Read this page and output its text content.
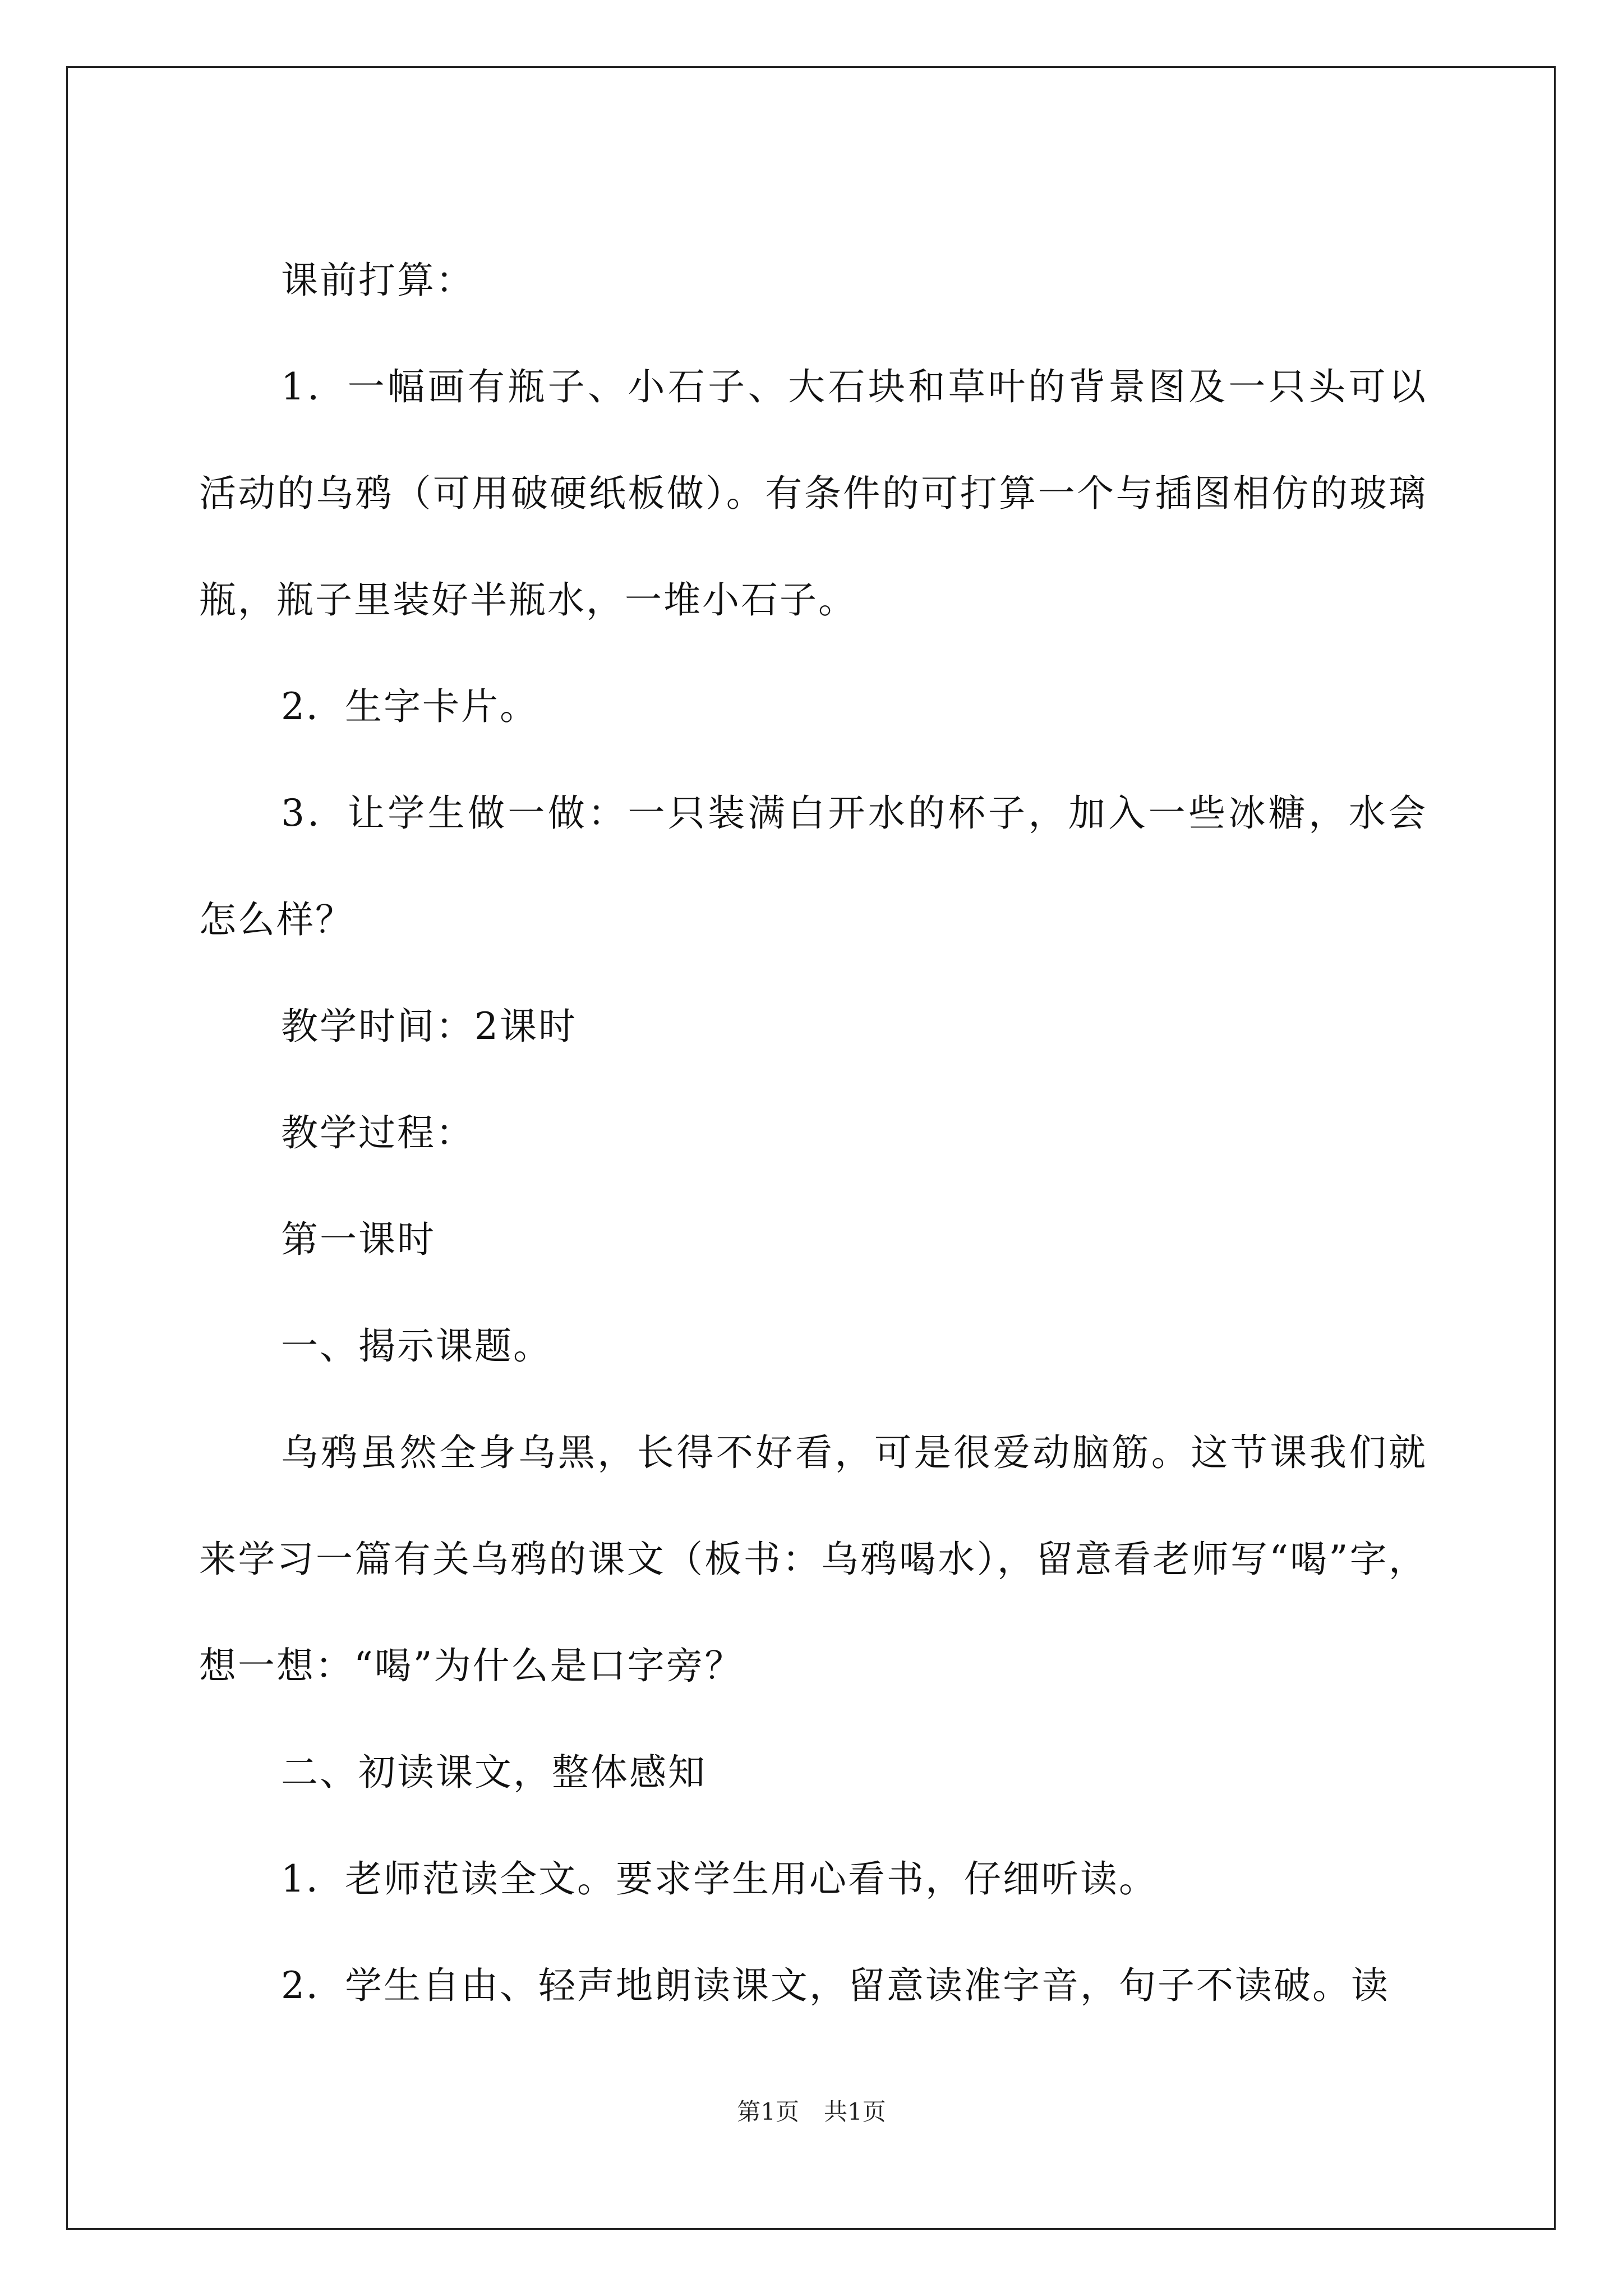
课前打算：

1．一幅画有瓶子、小石子、大石块和草叶的背景图及一只头可以活动的乌鸦（可用破硬纸板做）。有条件的可打算一个与插图相仿的玻璃瓶，瓶子里装好半瓶水，一堆小石子。

2．生字卡片。

3．让学生做一做：一只装满白开水的杯子，加入一些冰糖，水会怎么样？

教学时间：2课时

教学过程：

第一课时

一、揭示课题。

乌鸦虽然全身乌黑，长得不好看，可是很爱动脑筋。这节课我们就来学习一篇有关乌鸦的课文（板书：乌鸦喝水），留意看老师写“喝”字，想一想：“喝”为什么是口字旁？

二、初读课文，整体感知

1．老师范读全文。要求学生用心看书，仔细听读。

2．学生自由、轻声地朗读课文，留意读准字音，句子不读破。读

第1页 共1页
